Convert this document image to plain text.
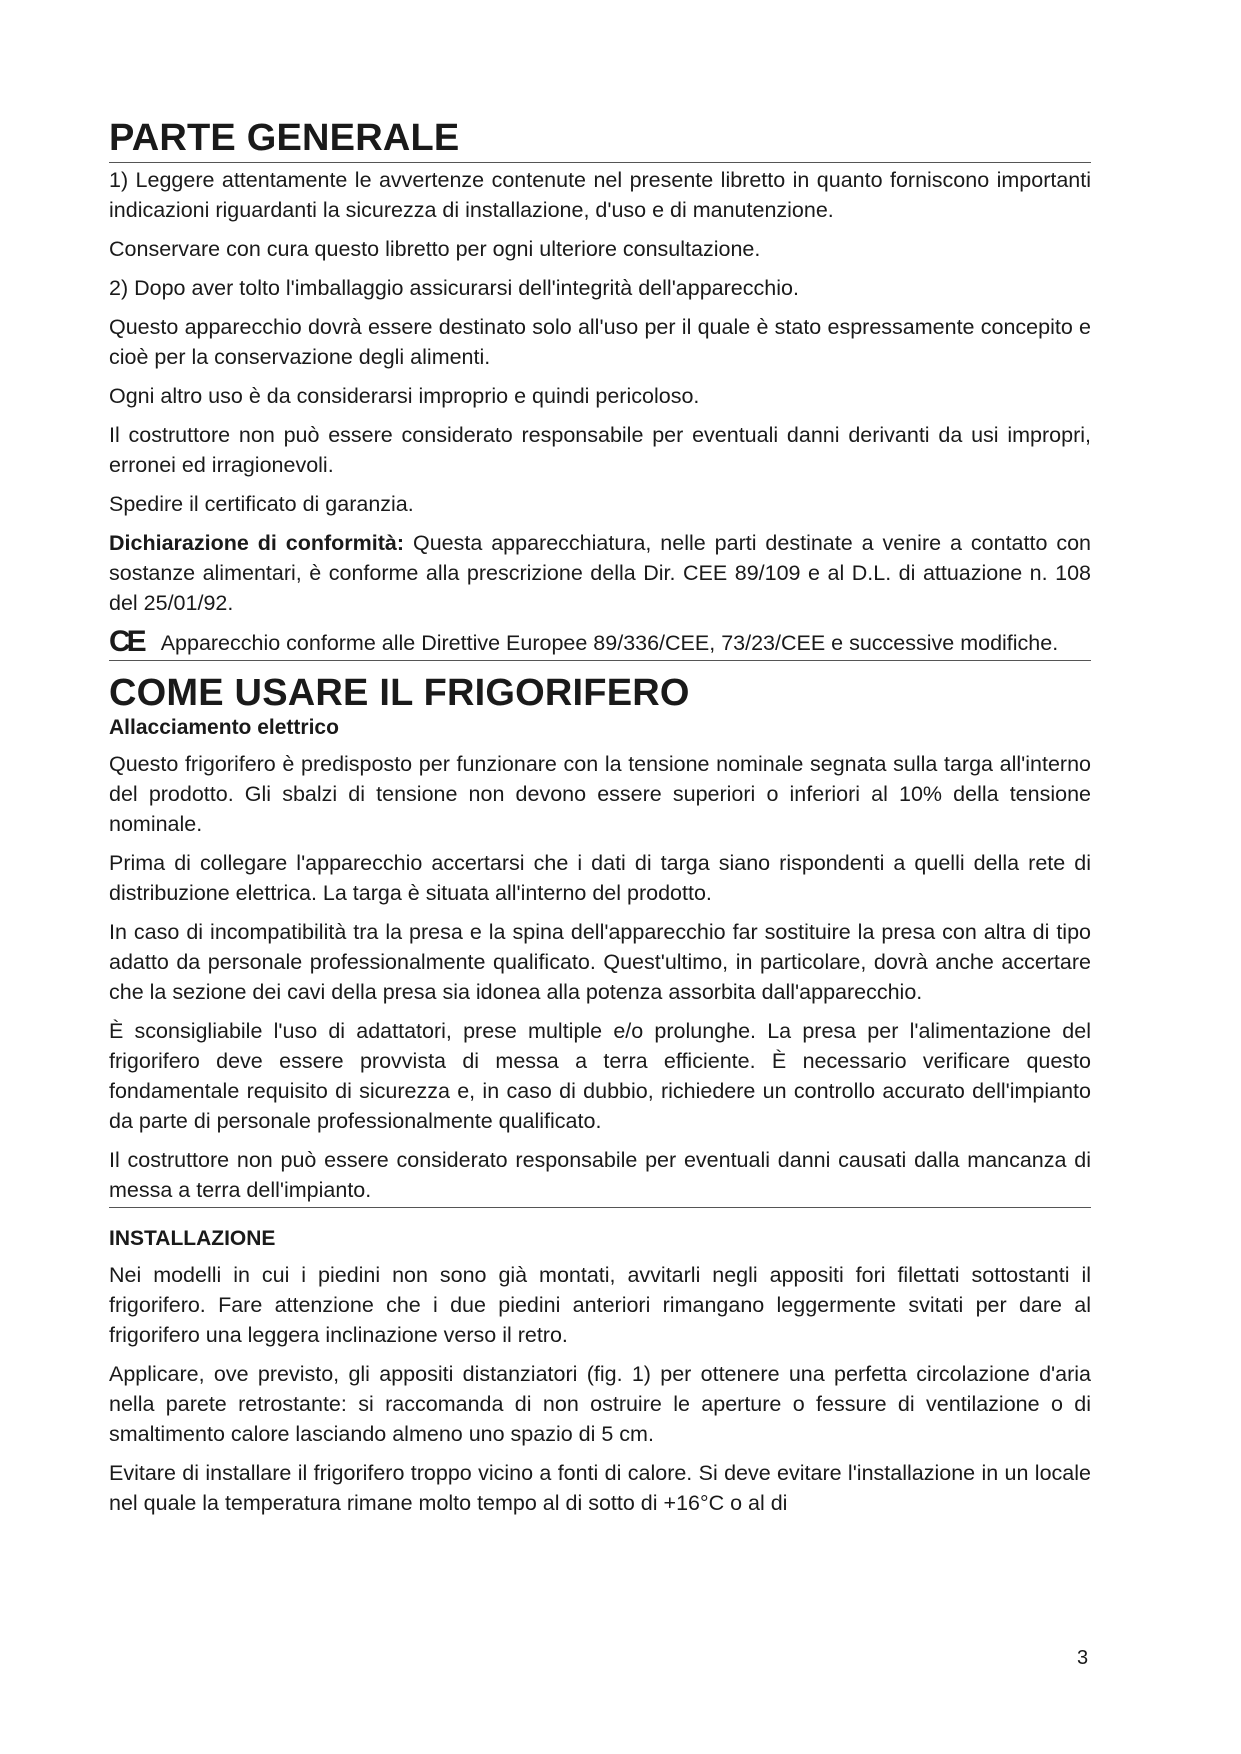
PARTE GENERALE

1) Leggere attentamente le avvertenze contenute nel presente libretto in quanto forniscono importanti indicazioni riguardanti la sicurezza di installazione, d'uso e di manutenzione.

Conservare con cura questo libretto per ogni ulteriore consultazione.

2) Dopo aver tolto l'imballaggio assicurarsi dell'integrità dell'apparecchio.

Questo apparecchio dovrà essere destinato solo all'uso per il quale è stato espressamente concepito e cioè per la conservazione degli alimenti.

Ogni altro uso è da considerarsi improprio e quindi pericoloso.

Il costruttore non può essere considerato responsabile per eventuali danni derivanti da usi impropri, erronei ed irragionevoli.

Spedire il certificato di garanzia.

Dichiarazione di conformità: Questa apparecchiatura, nelle parti destinate a venire a contatto con sostanze alimentari, è conforme alla prescrizione della Dir. CEE 89/109 e al D.L. di attuazione n. 108 del 25/01/92.

CE Apparecchio conforme alle Direttive Europee 89/336/CEE, 73/23/CEE e successive modifiche.

COME USARE IL FRIGORIFERO
Allacciamento elettrico

Questo frigorifero è predisposto per funzionare con la tensione nominale segnata sulla targa all'interno del prodotto. Gli sbalzi di tensione non devono essere superiori o inferiori al 10% della tensione nominale.

Prima di collegare l'apparecchio accertarsi che i dati di targa siano rispondenti a quelli della rete di distribuzione elettrica. La targa è situata all'interno del prodotto.

In caso di incompatibilità tra la presa e la spina dell'apparecchio far sostituire la presa con altra di tipo adatto da personale professionalmente qualificato. Quest'ultimo, in particolare, dovrà anche accertare che la sezione dei cavi della presa sia idonea alla potenza assorbita dall'apparecchio.

È sconsigliabile l'uso di adattatori, prese multiple e/o prolunghe. La presa per l'alimentazione del frigorifero deve essere provvista di messa a terra efficiente. È necessario verificare questo fondamentale requisito di sicurezza e, in caso di dubbio, richiedere un controllo accurato dell'impianto da parte di personale professionalmente qualificato.

Il costruttore non può essere considerato responsabile per eventuali danni causati dalla mancanza di messa a terra dell'impianto.

INSTALLAZIONE

Nei modelli in cui i piedini non sono già montati, avvitarli negli appositi fori filettati sottostanti il frigorifero. Fare attenzione che i due piedini anteriori rimangano leggermente svitati per dare al frigorifero una leggera inclinazione verso il retro.

Applicare, ove previsto, gli appositi distanziatori (fig. 1) per ottenere una perfetta circolazione d'aria nella parete retrostante: si raccomanda di non ostruire le aperture o fessure di ventilazione o di smaltimento calore lasciando almeno uno spazio di 5 cm.

Evitare di installare il frigorifero troppo vicino a fonti di calore. Si deve evitare l'installazione in un locale nel quale la temperatura rimane molto tempo al di sotto di +16°C o al di

3
